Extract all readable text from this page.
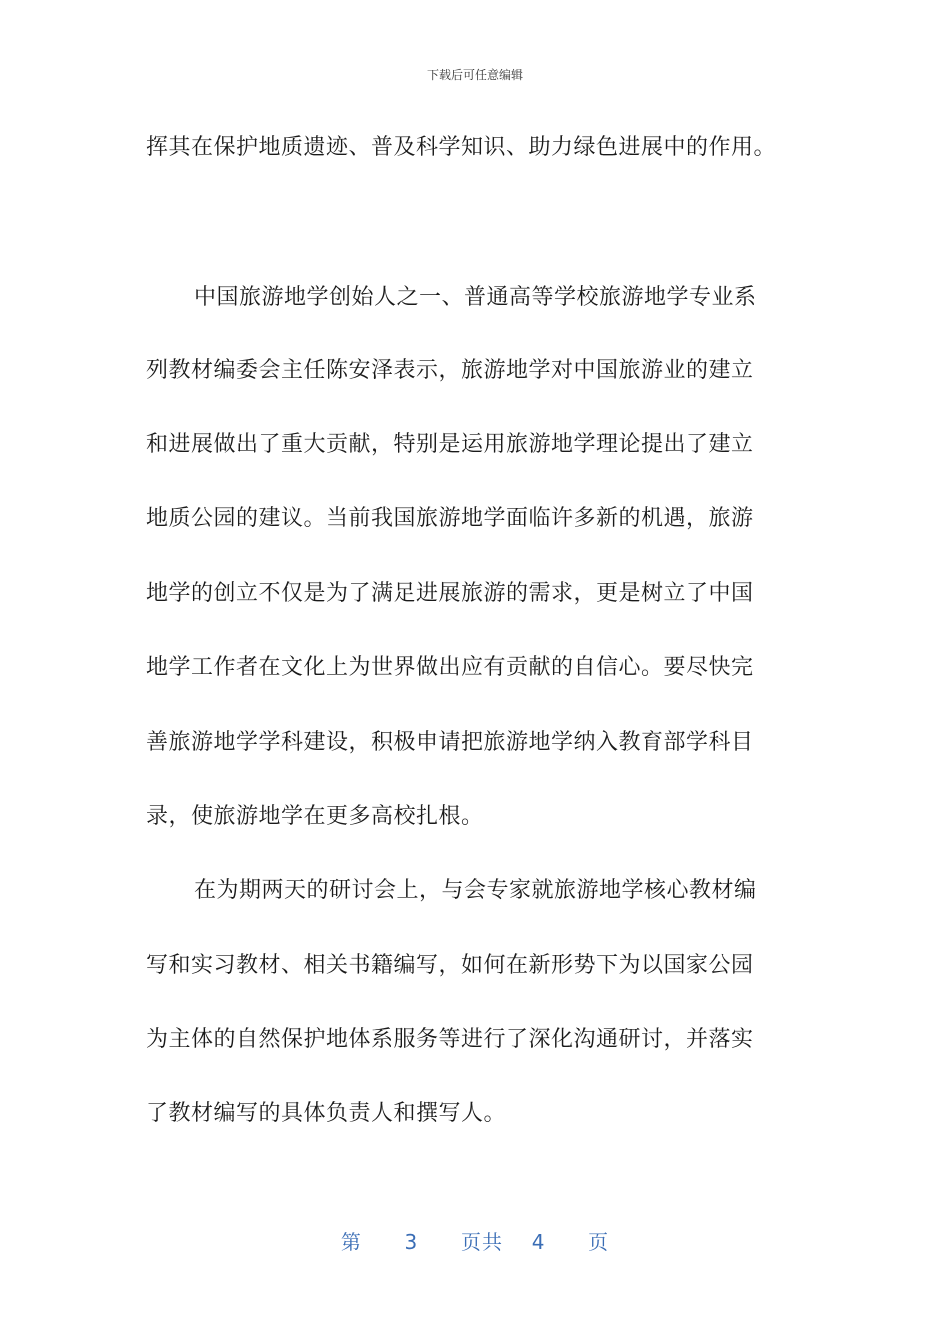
下载后可任意编辑
挥其在保护地质遗迹、普及科学知识、助力绿色进展中的作用。
中国旅游地学创始人之一、普通高等学校旅游地学专业系
列教材编委会主任陈安泽表示，旅游地学对中国旅游业的建立
和进展做出了重大贡献，特别是运用旅游地学理论提出了建立
地质公园的建议。当前我国旅游地学面临许多新的机遇，旅游
地学的创立不仅是为了满足进展旅游的需求，更是树立了中国
地学工作者在文化上为世界做出应有贡献的自信心。要尽快完
善旅游地学学科建设，积极申请把旅游地学纳入教育部学科目
录，使旅游地学在更多高校扎根。
在为期两天的研讨会上，与会专家就旅游地学核心教材编
写和实习教材、相关书籍编写，如何在新形势下为以国家公园
为主体的自然保护地体系服务等进行了深化沟通研讨，并落实
了教材编写的具体负责人和撰写人。
第 3 页共 4 页
